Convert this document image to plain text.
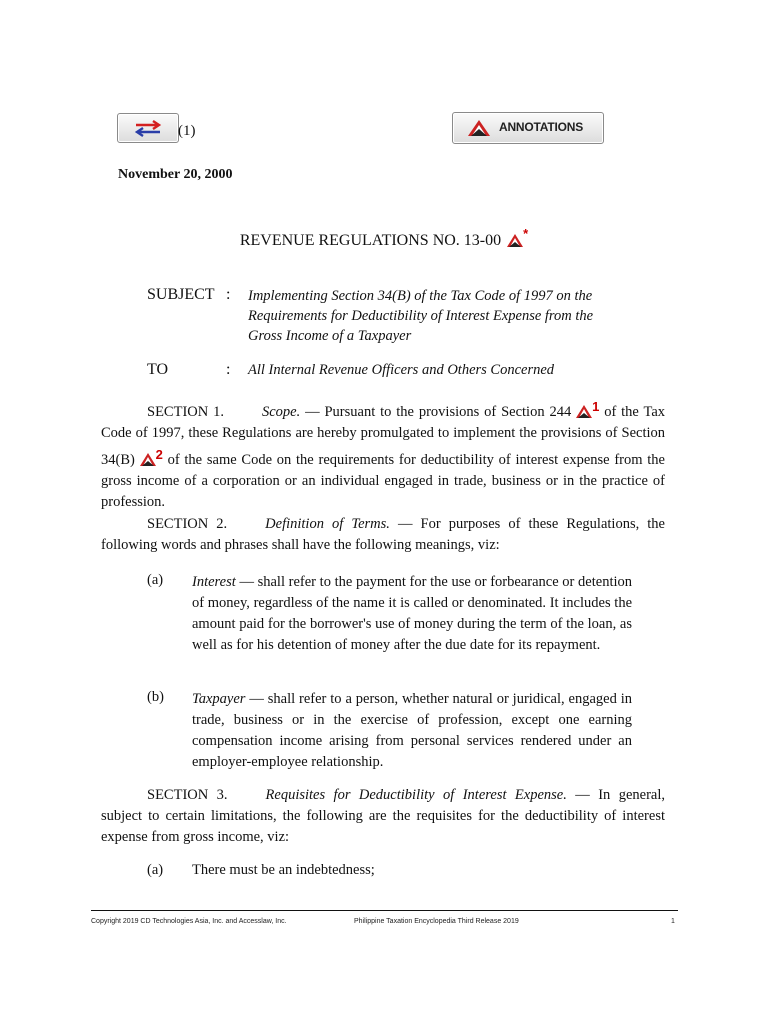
(1)	ANNOTATIONS
November 20, 2000
REVENUE REGULATIONS NO. 13-00 *
SUBJECT : Implementing Section 34(B) of the Tax Code of 1997 on the
Requirements for Deductibility of Interest Expense from the
Gross Income of a Taxpayer
TO	: All Internal Revenue Officers and Others Concerned
SECTION 1.	Scope. — Pursuant to the provisions of Section 244 1 of the Tax Code of 1997, these Regulations are hereby promulgated to implement the provisions of Section 34(B) 2 of the same Code on the requirements for deductibility of interest expense from the gross income of a corporation or an individual engaged in trade, business or in the practice of profession.
SECTION 2.	Definition of Terms. — For purposes of these Regulations, the following words and phrases shall have the following meanings, viz:
(a) Interest — shall refer to the payment for the use or forbearance or detention of money, regardless of the name it is called or denominated. It includes the amount paid for the borrower's use of money during the term of the loan, as well as for his detention of money after the due date for its repayment.
(b) Taxpayer — shall refer to a person, whether natural or juridical, engaged in trade, business or in the exercise of profession, except one earning compensation income arising from personal services rendered under an employer-employee relationship.
SECTION 3.	Requisites for Deductibility of Interest Expense. — In general, subject to certain limitations, the following are the requisites for the deductibility of interest expense from gross income, viz:
(a) There must be an indebtedness;
Copyright 2019 CD Technologies Asia, Inc. and Accesslaw, Inc.	Philippine Taxation Encyclopedia Third Release 2019	1
